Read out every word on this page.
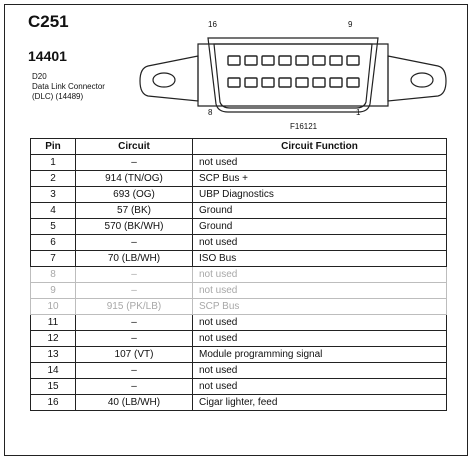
C251
14401
D20
Data Link Connector
(DLC) (14489)
16	9
8	1
F16121
Pin	Circuit	Circuit Function
1	–	not used
2	914 (TN/OG)	SCP Bus +
3	693 (OG)	UBP Diagnostics
4	57 (BK)	Ground
5	570 (BK/WH)	Ground
6	–	not used
7	70 (LB/WH)	ISO Bus
8	–	not used
9	–	not used
10	915 (PK/LB)	SCP Bus
11	–	not used
12	–	not used
13	107 (VT)	Module programming signal
14	–	not used
15	–	not used
16	40 (LB/WH)	Cigar lighter, feed
